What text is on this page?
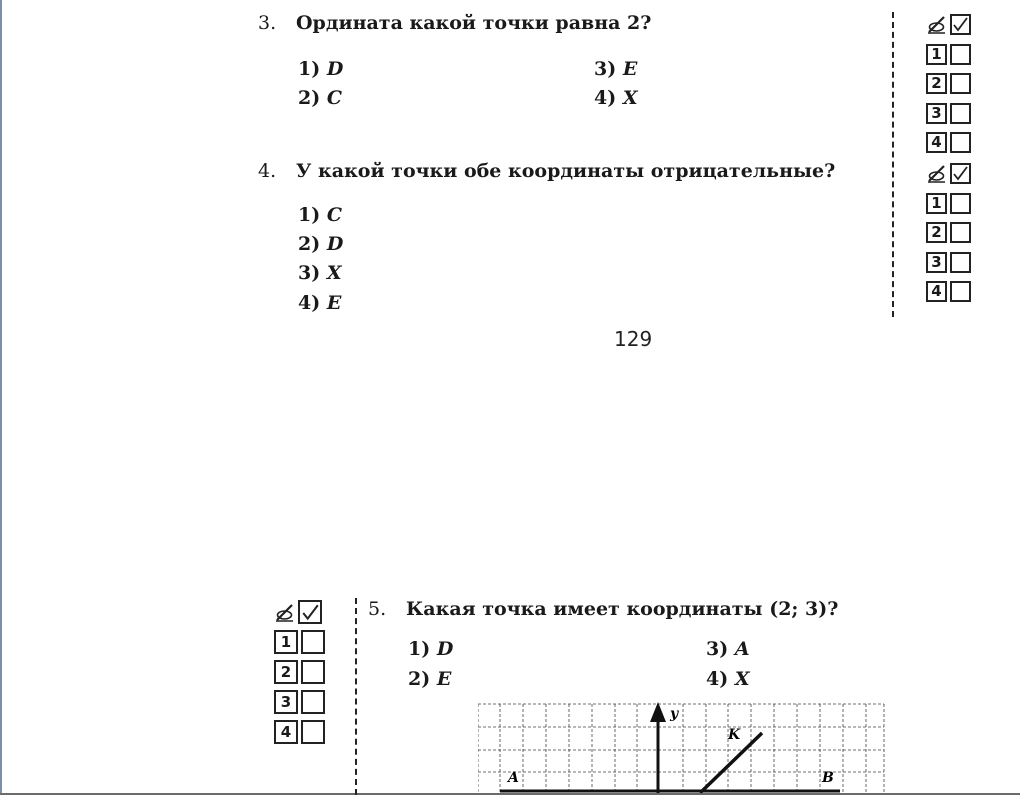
3. Ордината какой точки равна 2?
1) D
2) C
3) E
4) X
4. У какой точки обе координаты отрицательные?
1) C
2) D
3) X
4) E
1
2
3
4
1
2
3
4
129
1
2
3
4
5. Какая точка имеет координаты (2; 3)?
1) D
2) E
3) A
4) X
y
K
A	B
